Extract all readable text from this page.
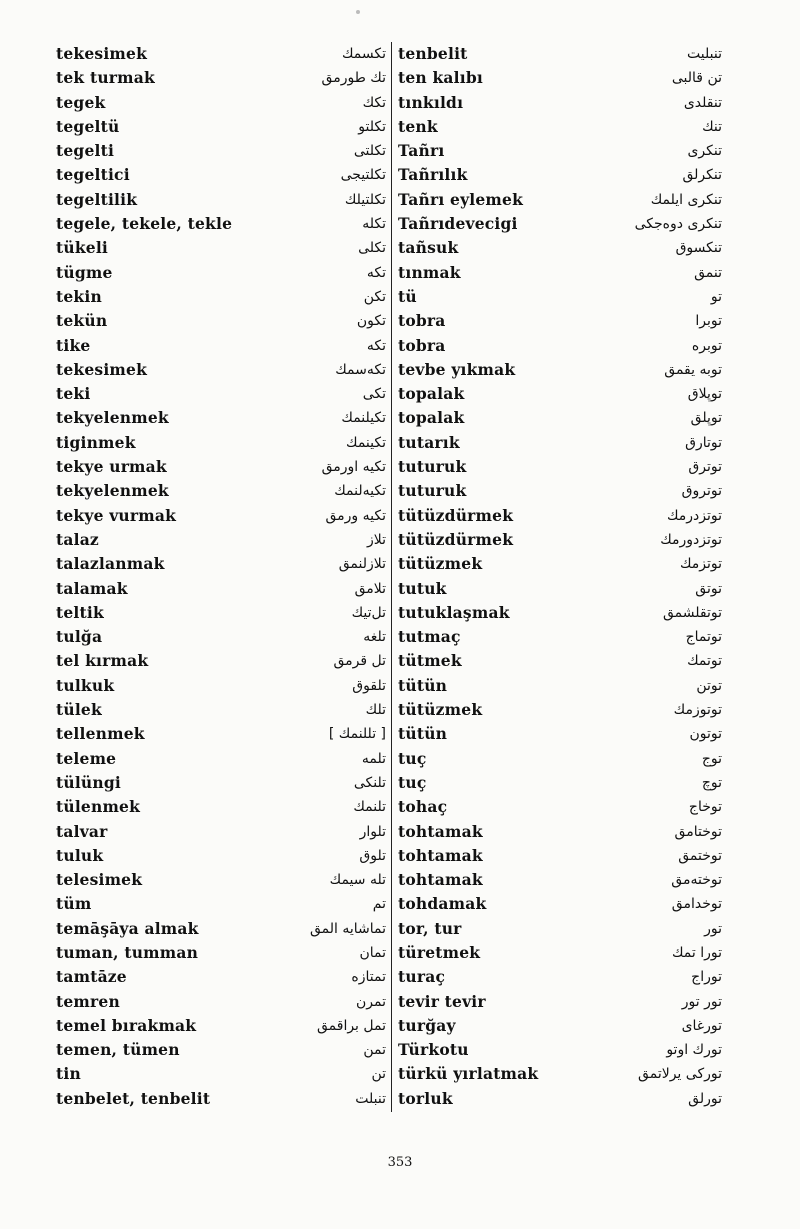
tekesimek	تکسمك
tek turmak	تك طورمق
tegek	تکك
tegeltü	تکلتو
tegelti	تکلتی
tegeltici	تکلتیجی
tegeltilik	تکلتیلك
tegele, tekele, tekle	تکله
tükeli	تکلی
tügme	تکه
tekin	تکن
tekün	تکون
tike	تکه
tekesimek	تکه‌سمك
teki	تکی
tekyelenmek	تکیلنمك
tiginmek	تکینمك
tekye urmak	تکیه اورمق
tekyelenmek	تکیه‌لنمك
tekye vurmak	تکیه ورمق
talaz	تلاز
talazlanmak	تلازلنمق
talamak	تلامق
teltik	تل‌تیك
tulğa	تلغه
tel kırmak	تل قرمق
tulkuk	تلقوق
tülek	تلك
tellenmek	[ تللنمك ]
teleme	تلمه
tülüngi	تلنکی
tülenmek	تلنمك
talvar	تلوار
tuluk	تلوق
telesimek	تله سیمك
tüm	تم
temāşāya almak	تماشایه المق
tuman, tumman	تمان
tamtāze	تمتازه
temren	تمرن
temel bırakmak	تمل براقمق
temen, tümen	تمن
tin	تن
tenbelet, tenbelit	تنبلت
tenbelit	تنبلیت
ten kalıbı	تن قالبی
tınkıldı	تنقلدی
tenk	تنك
Tañrı	تنکری
Tañrılık	تنکرلق
Tañrı eylemek	تنکری ایلمك
Tañrıdevecigi	تنکری دوه‌جکی
tañsuk	تنکسوق
tınmak	تنمق
tü	تو
tobra	توبرا
tobra	توبره
tevbe yıkmak	توبه یقمق
topalak	توپلاق
topalak	توپلق
tutarık	توتارق
tuturuk	توترق
tuturuk	توتروق
tütüzdürmek	توتزدرمك
tütüzdürmek	توتزدورمك
tütüzmek	توتزمك
tutuk	توتق
tutuklaşmak	توتقلشمق
tutmaç	توتماج
tütmek	توتمك
tütün	توتن
tütüzmek	توتوزمك
tütün	توتون
tuç	توج
tuç	توچ
tohaç	توخاج
tohtamak	توختامق
tohtamak	توختمق
tohtamak	توخته‌مق
tohdamak	توخدامق
tor, tur	تور
türetmek	تورا تمك
turaç	توراج
tevir tevir	تور تور
turğay	تورغای
Türkotu	تورك اوتو
türkü yırlatmak	تورکی يرلاتمق
torluk	تورلق
353
